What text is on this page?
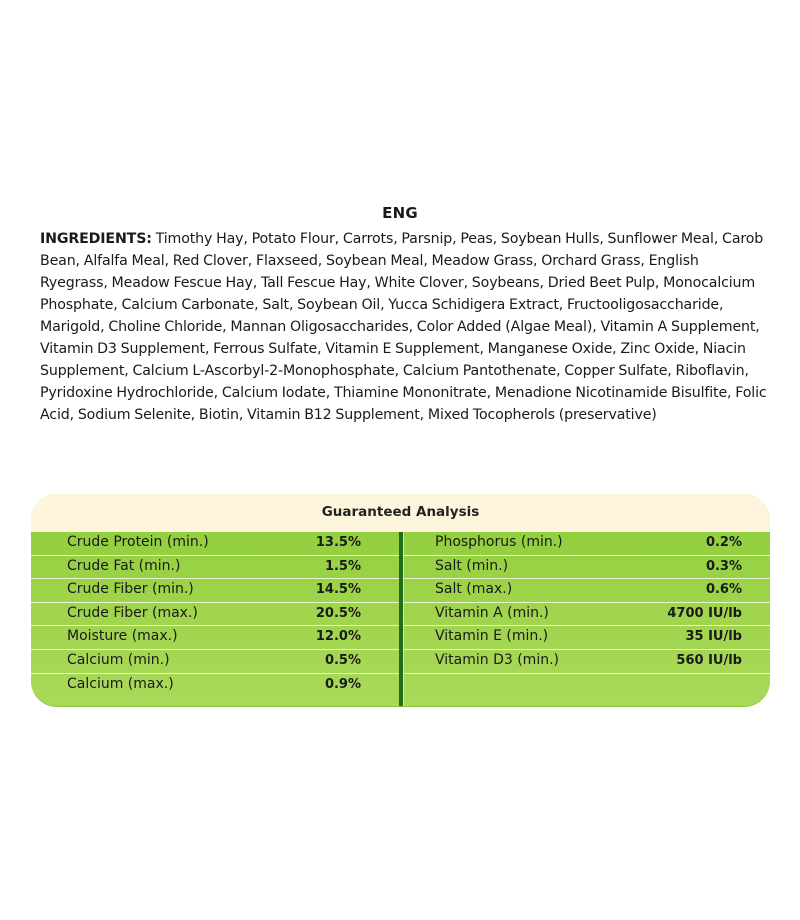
ENG
INGREDIENTS: Timothy Hay, Potato Flour, Carrots, Parsnip, Peas, Soybean Hulls, Sunflower Meal, Carob Bean, Alfalfa Meal, Red Clover, Flaxseed, Soybean Meal, Meadow Grass, Orchard Grass, English Ryegrass, Meadow Fescue Hay, Tall Fescue Hay, White Clover, Soybeans, Dried Beet Pulp, Monocalcium Phosphate, Calcium Carbonate, Salt, Soybean Oil, Yucca Schidigera Extract, Fructooligosaccharide, Marigold, Choline Chloride, Mannan Oligosaccharides, Color Added (Algae Meal), Vitamin A Supplement, Vitamin D3 Supplement, Ferrous Sulfate, Vitamin E Supplement, Manganese Oxide, Zinc Oxide, Niacin Supplement, Calcium L-Ascorbyl-2-Monophosphate, Calcium Pantothenate, Copper Sulfate, Riboflavin, Pyridoxine Hydrochloride, Calcium Iodate, Thiamine Mononitrate, Menadione Nicotinamide Bisulfite, Folic Acid, Sodium Selenite, Biotin, Vitamin B12 Supplement, Mixed Tocopherols (preservative)
Guaranteed Analysis
Crude Protein (min.)	13.5%
Crude Fat (min.)	1.5%
Crude Fiber (min.)	14.5%
Crude Fiber (max.)	20.5%
Moisture (max.)	12.0%
Calcium (min.)	0.5%
Calcium (max.)	0.9%
Phosphorus (min.)	0.2%
Salt (min.)	0.3%
Salt (max.)	0.6%
Vitamin A (min.)	4700 IU/lb
Vitamin E (min.)	35 IU/lb
Vitamin D3 (min.)	560 IU/lb
